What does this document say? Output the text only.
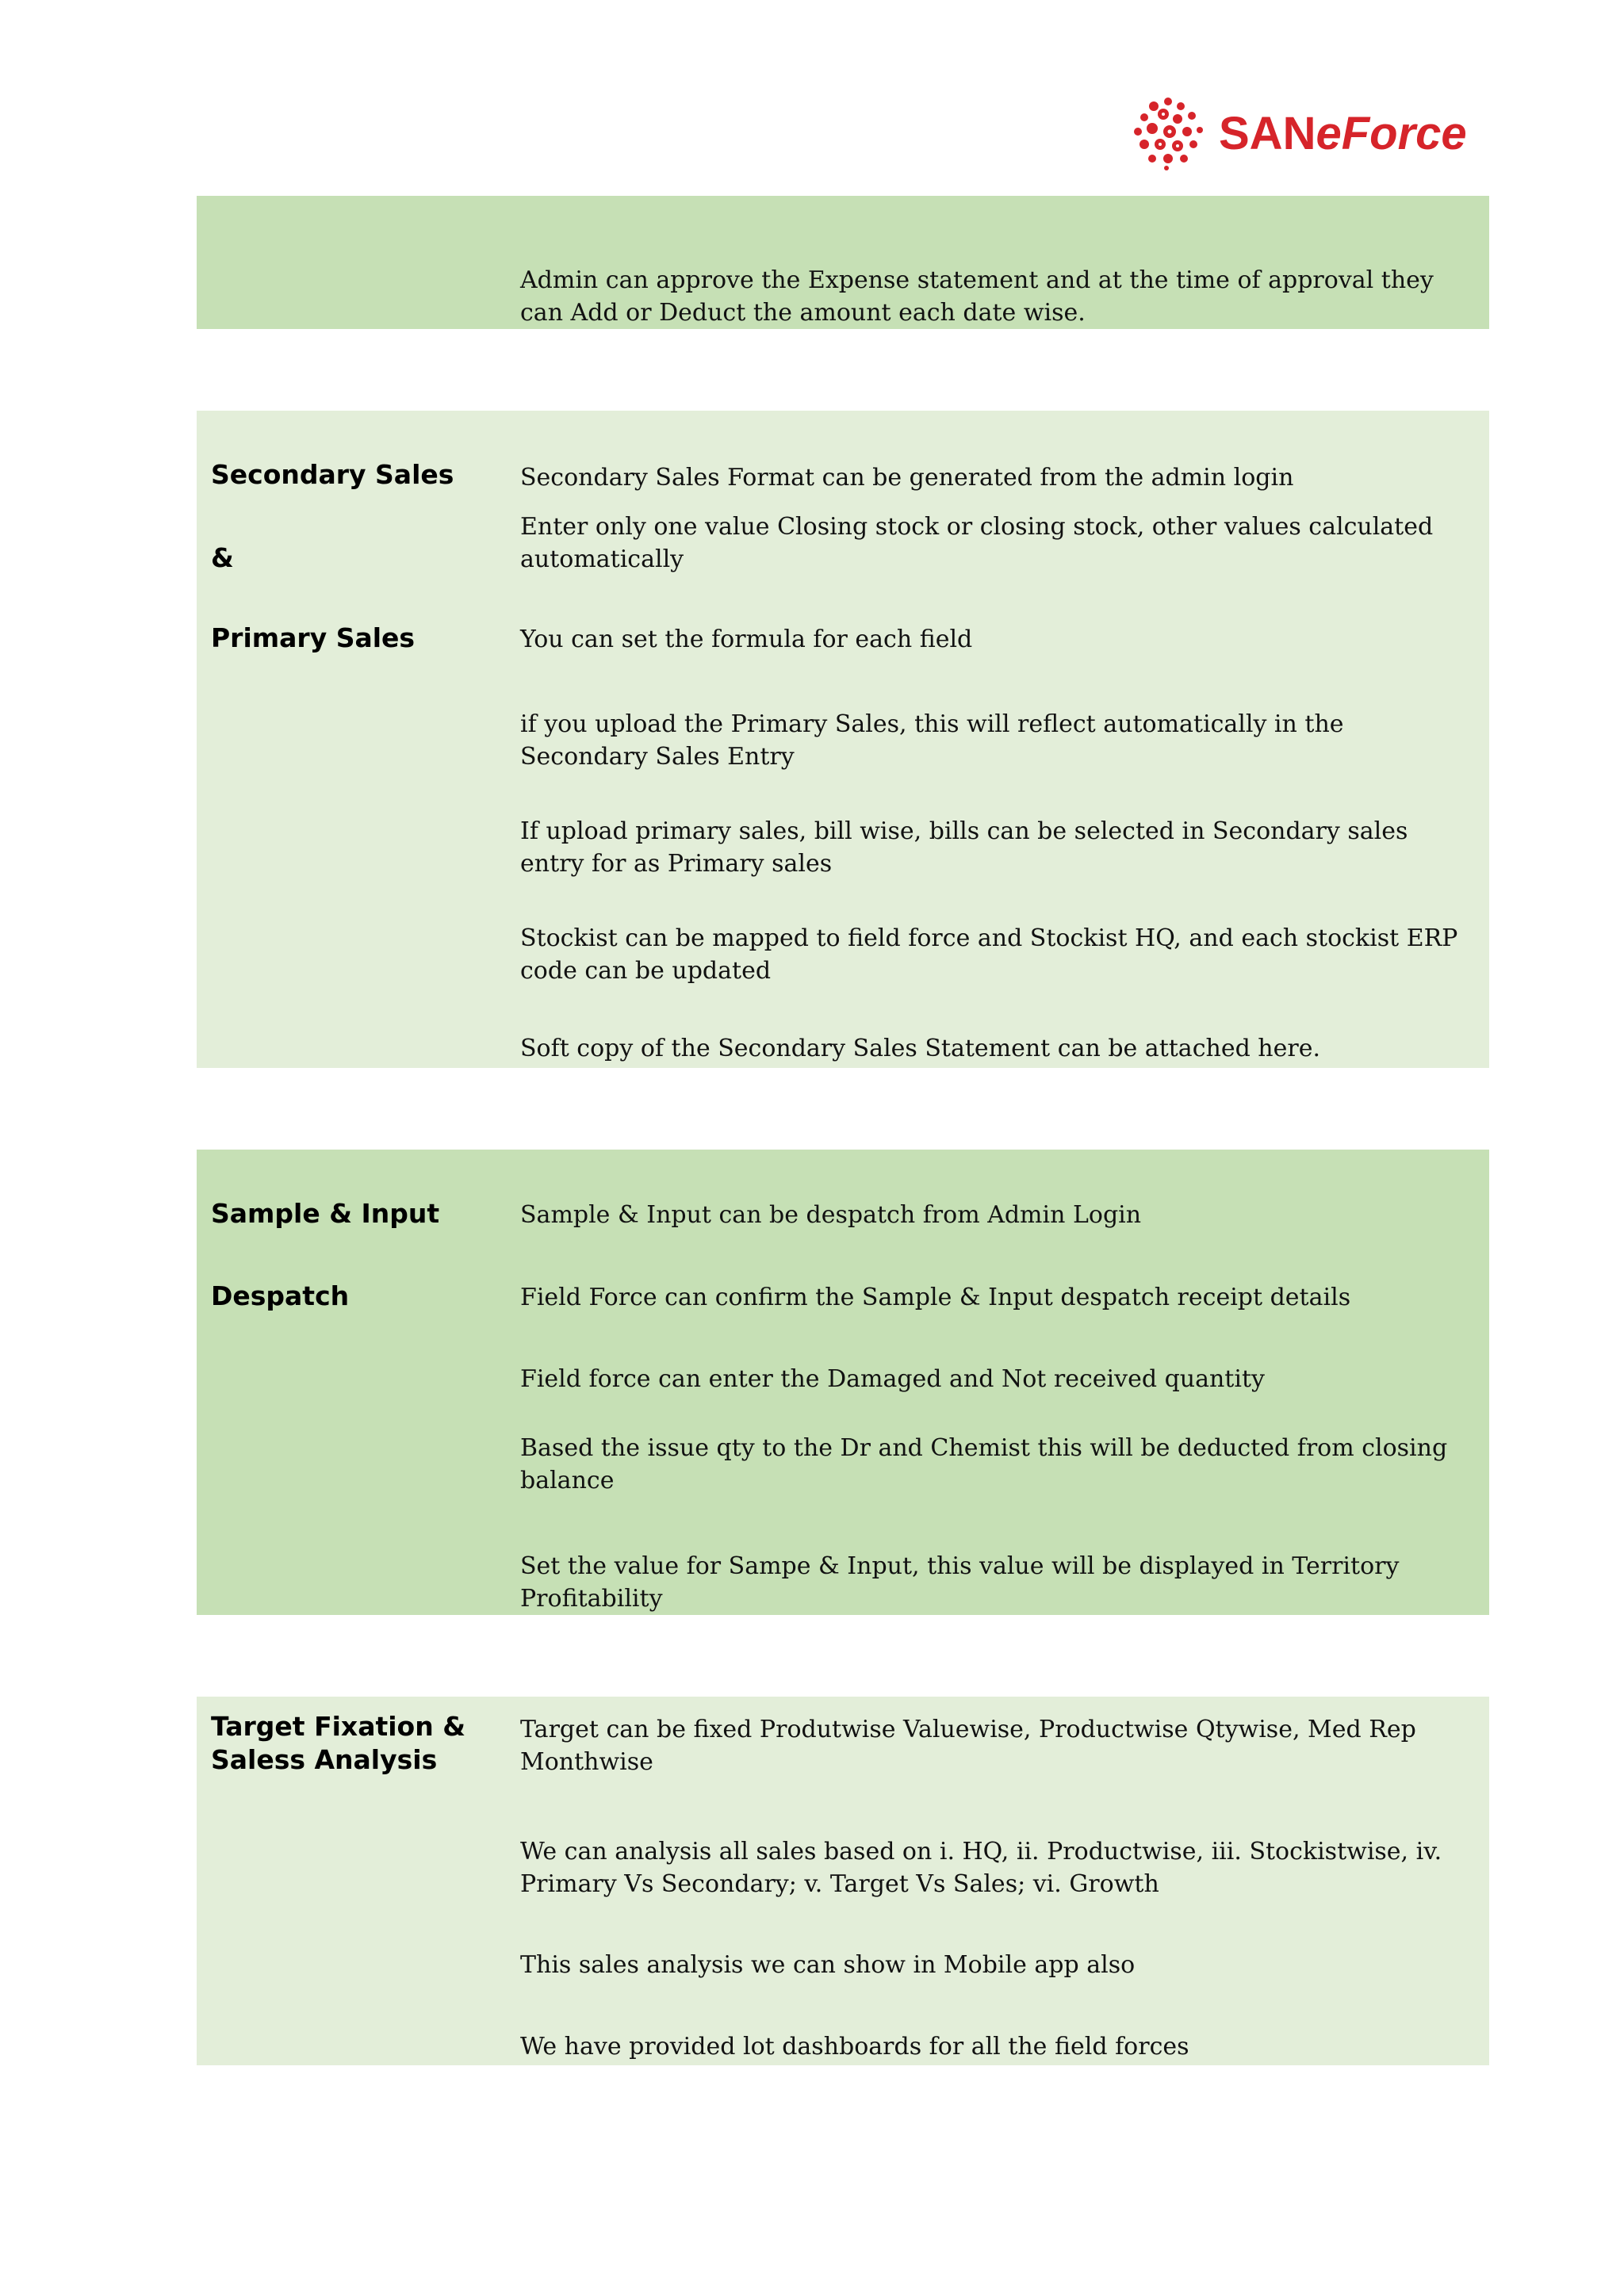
SANeForce
Admin can approve the Expense statement and at the time of approval they can Add or Deduct the amount each date wise.
Secondary Sales
&
Primary Sales
Secondary Sales Format can be generated from the admin login
Enter only one value Closing stock or closing stock, other values calculated automatically
You can set the formula for each field
if you upload the Primary Sales, this will reflect automatically in the Secondary Sales Entry
If upload primary sales, bill wise, bills can be selected in Secondary sales entry for as Primary sales
Stockist can be mapped to field force and Stockist HQ, and each stockist ERP code can be updated
Soft copy of the Secondary Sales Statement can be attached here.
Sample & Input
Despatch
Sample & Input can be despatch from Admin Login
Field Force can confirm the Sample & Input despatch receipt details
Field force can enter the Damaged and Not received quantity
Based the issue qty to the Dr and Chemist this will be deducted from closing balance
Set the value for Sampe & Input, this value will be displayed in Territory Profitability
Target Fixation &
Saless Analysis
Target can be fixed Produtwise Valuewise, Productwise Qtywise, Med Rep Monthwise
We can analysis all sales based on i. HQ, ii. Productwise, iii. Stockistwise, iv. Primary Vs Secondary; v. Target Vs Sales; vi. Growth
This sales analysis we can show in Mobile app also
We have provided lot dashboards for all the field forces
